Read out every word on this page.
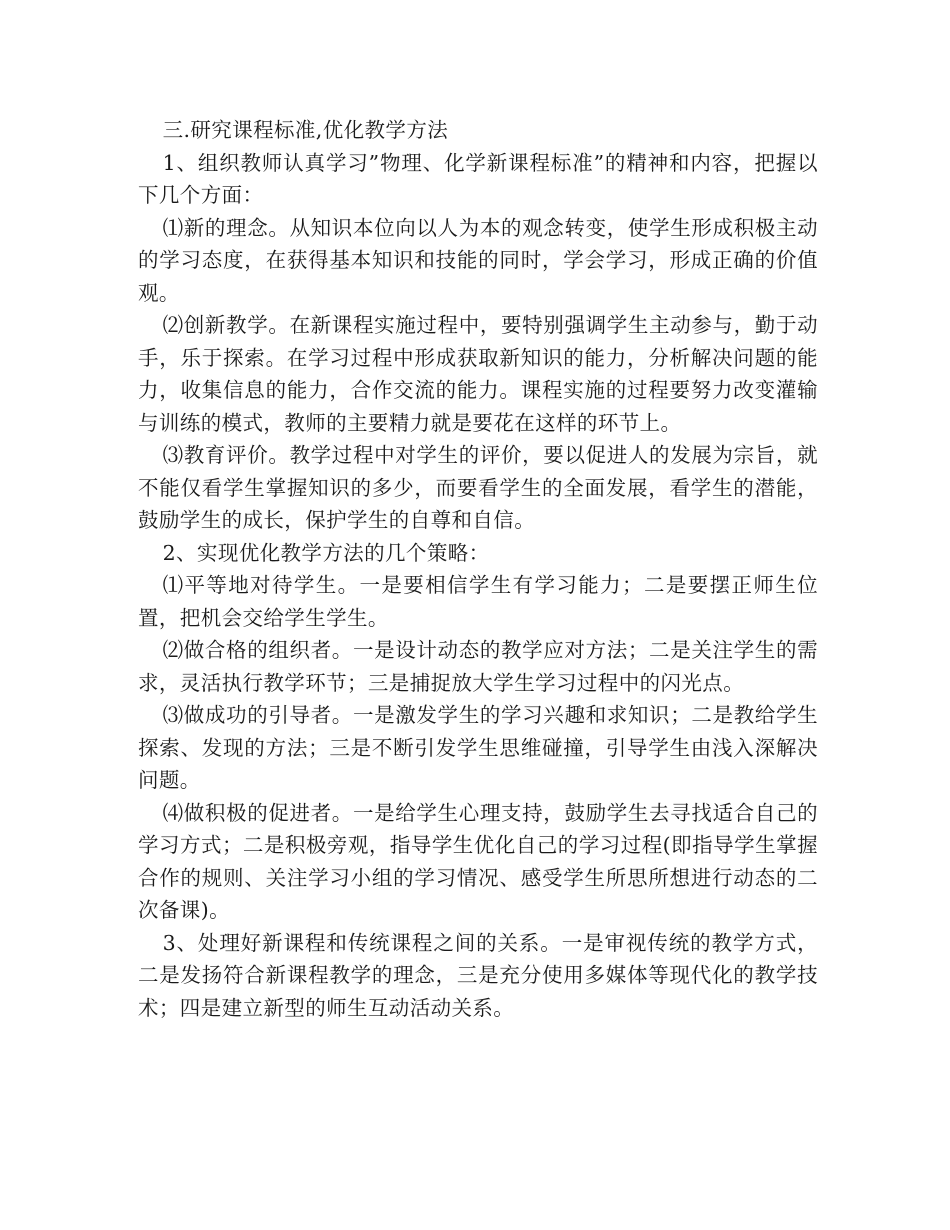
三.研究课程标准,优化教学方法

1、组织教师认真学习”物理、化学新课程标准”的精神和内容，把握以下几个方面：

⑴新的理念。从知识本位向以人为本的观念转变，使学生形成积极主动的学习态度，在获得基本知识和技能的同时，学会学习，形成正确的价值观。

⑵创新教学。在新课程实施过程中，要特别强调学生主动参与，勤于动手，乐于探索。在学习过程中形成获取新知识的能力，分析解决问题的能力，收集信息的能力，合作交流的能力。课程实施的过程要努力改变灌输与训练的模式，教师的主要精力就是要花在这样的环节上。

⑶教育评价。教学过程中对学生的评价，要以促进人的发展为宗旨，就不能仅看学生掌握知识的多少，而要看学生的全面发展，看学生的潜能，鼓励学生的成长，保护学生的自尊和自信。

2、实现优化教学方法的几个策略：

⑴平等地对待学生。一是要相信学生有学习能力；二是要摆正师生位置，把机会交给学生学生。

⑵做合格的组织者。一是设计动态的教学应对方法；二是关注学生的需求，灵活执行教学环节；三是捕捉放大学生学习过程中的闪光点。

⑶做成功的引导者。一是激发学生的学习兴趣和求知识；二是教给学生探索、发现的方法；三是不断引发学生思维碰撞，引导学生由浅入深解决问题。

⑷做积极的促进者。一是给学生心理支持，鼓励学生去寻找适合自己的学习方式；二是积极旁观，指导学生优化自己的学习过程(即指导学生掌握合作的规则、关注学习小组的学习情况、感受学生所思所想进行动态的二次备课)。

3、处理好新课程和传统课程之间的关系。一是审视传统的教学方式，二是发扬符合新课程教学的理念，三是充分使用多媒体等现代化的教学技术；四是建立新型的师生互动活动关系。
